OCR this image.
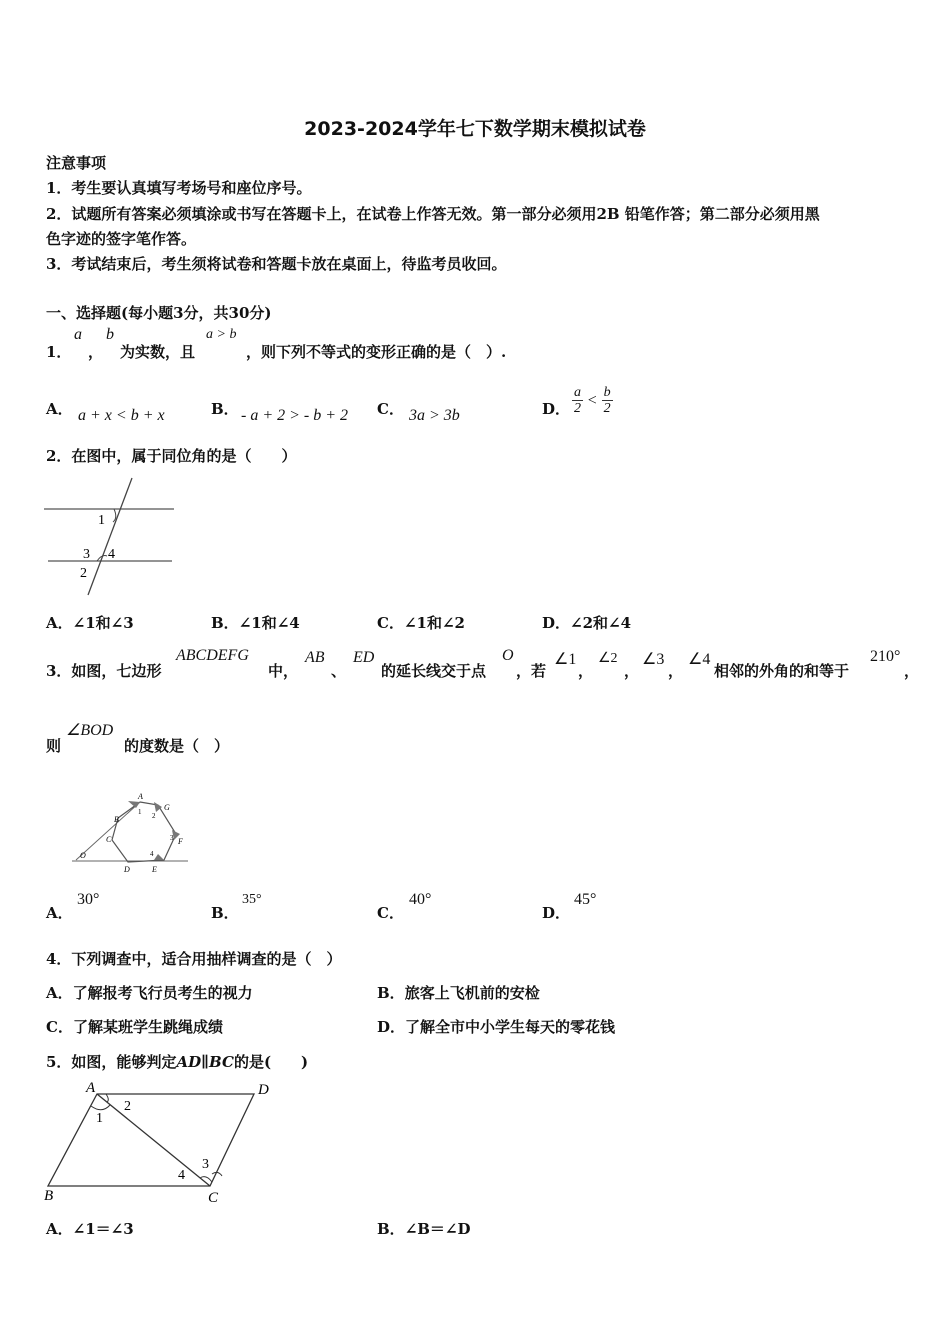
2023-2024学年七下数学期末模拟试卷
注意事项
1．考生要认真填写考场号和座位序号。
2．试题所有答案必须填涂或书写在答题卡上，在试卷上作答无效。第一部分必须用2B 铅笔作答；第二部分必须用黑
色字迹的签字笔作答。
3．考试结束后，考生须将试卷和答题卡放在桌面上，待监考员收回。
一、选择题(每小题3分，共30分)
1．
a
，
b
为实数，且
a > b
，则下列不等式的变形正确的是（　）.
A． a + x < b + x	B． - a + 2 > - b + 2 C． 3a > 3b	D． $\frac{a}{2} < \frac{b}{2}$
2．在图中，属于同位角的是（　　）
1
3 4
2
A．∠1和∠3	B．∠1和∠4	C．∠1和∠2	D．∠2和∠4
3．如图，七边形
ABCDEFG
中，
AB
、
ED
的延长线交于点
O
，若
∠1
，
∠2
，
∠3
，
∠4
相邻的外角的和等于
210°
，
则
∠BOD
的度数是（　）
A
G
B
1 2
C	3 F
O	4
D	E
A．
30°
B．
35°
C．
40°
D．
45°
4．下列调查中，适合用抽样调查的是（　）
A．了解报考飞行员考生的视力	B．旅客上飞机前的安检
C．了解某班学生跳绳成绩	D．了解全市中小学生每天的零花钱
5．如图，能够判定AD∥BC的是(　　)
A	D
2
1
3
4
B	C
A．∠1＝∠3	B．∠B＝∠D
